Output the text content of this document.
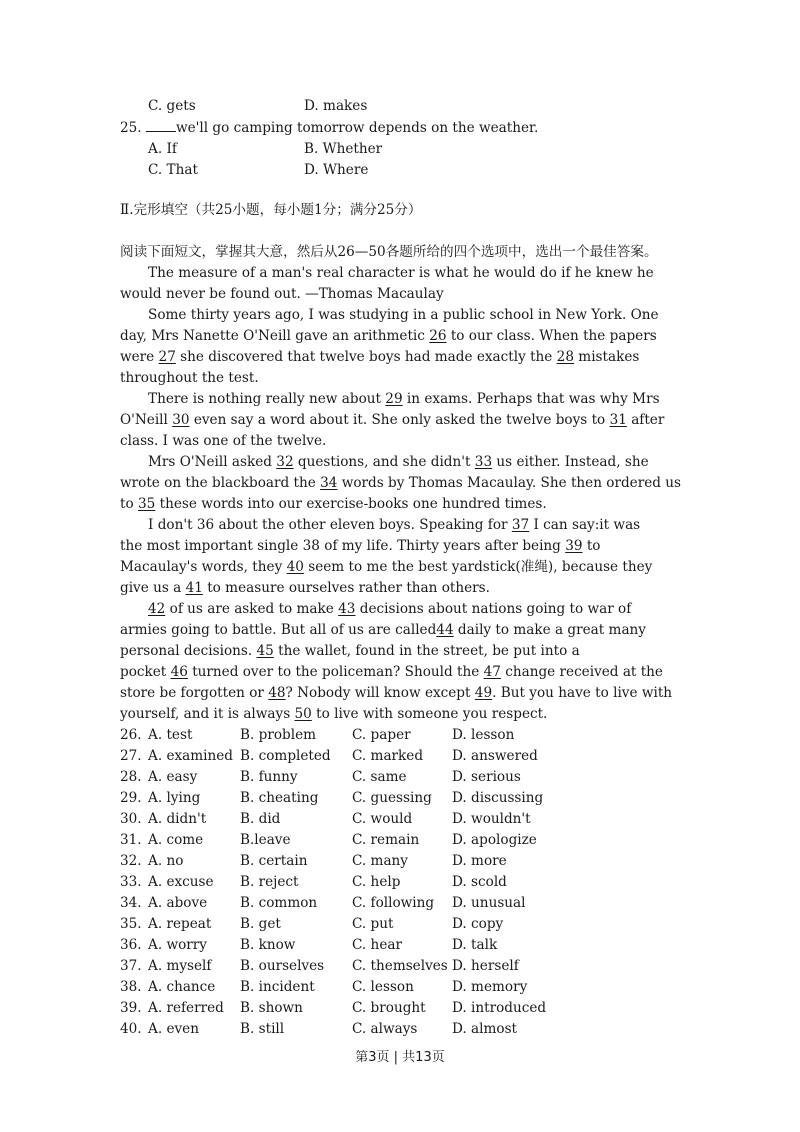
C. gets	D. makes
25.	we'll go camping tomorrow depends on the weather.
A. If	B. Whether
C. That	D. Where
Ⅱ.完形填空（共25小题，每小题1分；满分25分）
阅读下面短文，掌握其大意，然后从26—50各题所给的四个选项中，选出一个最佳答案。
The measure of a man's real character is what he would do if he knew he
would never be found out. —Thomas Macaulay
Some thirty years ago, I was studying in a public school in New York. One
day, Mrs Nanette O'Neill gave an arithmetic 26 to our class. When the papers
were 27 she discovered that twelve boys had made exactly the 28 mistakes
throughout the test.
There is nothing really new about 29 in exams. Perhaps that was why Mrs
O'Neill 30 even say a word about it. She only asked the twelve boys to 31 after
class. I was one of the twelve.
Mrs O'Neill asked 32 questions, and she didn't 33 us either. Instead, she
wrote on the blackboard the 34 words by Thomas Macaulay. She then ordered us
to 35 these words into our exercise-books one hundred times.
I don't 36 about the other eleven boys. Speaking for 37 I can say:it was
the most important single 38 of my life. Thirty years after being 39 to
Macaulay's words, they 40 seem to me the best yardstick(准绳), because they
give us a 41 to measure ourselves rather than others.
42 of us are asked to make 43 decisions about nations going to war of
armies going to battle. But all of us are called44 daily to make a great many
personal decisions. 45 the wallet, found in the street, be put into a
pocket 46 turned over to the policeman? Should the 47 change received at the
store be forgotten or 48? Nobody will know except 49. But you have to live with
yourself, and it is always 50 to live with someone you respect.
26. A. test	B. problem	C. paper	D. lesson
27. A. examined B. completed C. marked D. answered
28. A. easy	B. funny	C. same	D. serious
29. A. lying	B. cheating C. guessing D. discussing
30. A. didn't B. did	C. would	D. wouldn't
31. A. come	B.leave	C. remain D. apologize
32. A. no	B. certain	C. many	D. more
33. A. excuse B. reject	C. help	D. scold
34. A. above B. common	C. following D. unusual
35. A. repeat B. get	C. put	D. copy
36. A. worry B. know	C. hear	D. talk
37. A. myself B. ourselves C. themselves D. herself
38. A. chance B. incident	C. lesson	D. memory
39. A. referred B. shown	C. brought D. introduced
40. A. even	B. still	C. always	D. almost
第3页 | 共13页
